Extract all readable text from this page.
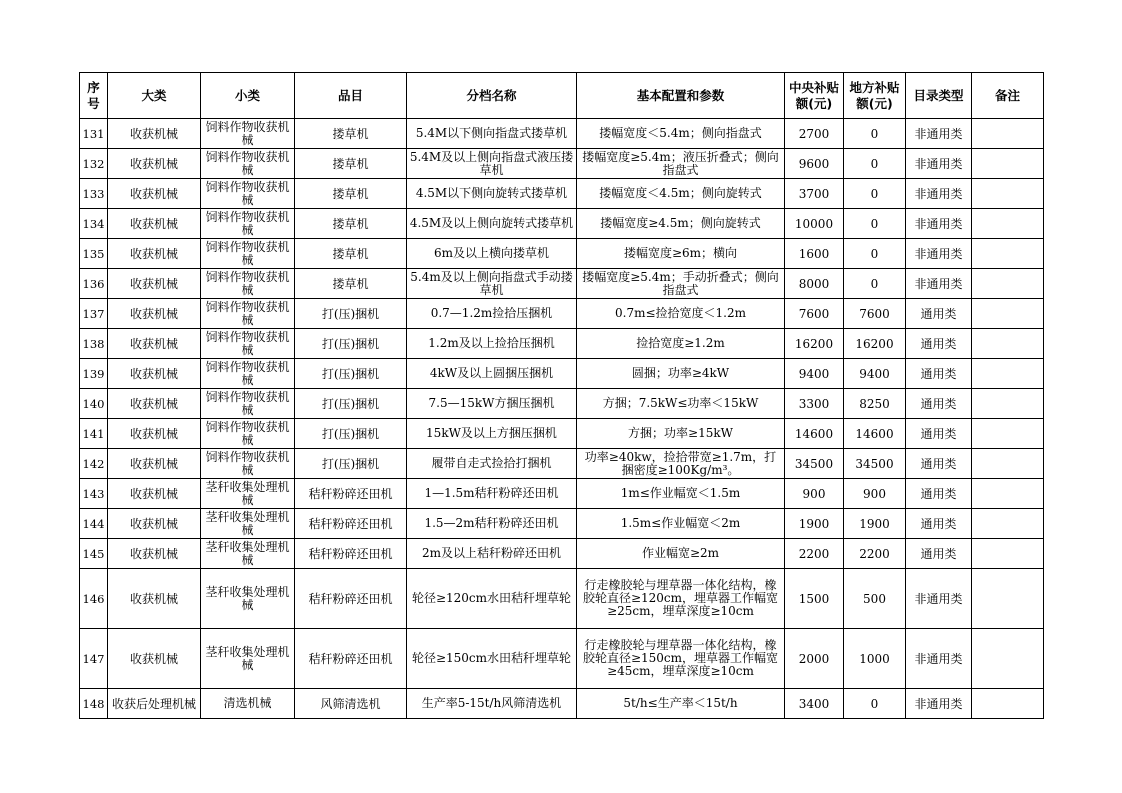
序号	大类	小类	品目	分档名称	基本配置和参数	中央补贴额(元)	地方补贴额(元)	目录类型	备注
131	收获机械	饲料作物收获机械	搂草机	5.4M以下侧向指盘式搂草机	搂幅宽度＜5.4m；侧向指盘式	2700	0	非通用类	
132	收获机械	饲料作物收获机械	搂草机	5.4M及以上侧向指盘式液压搂草机	搂幅宽度≥5.4m；液压折叠式；侧向指盘式	9600	0	非通用类	
133	收获机械	饲料作物收获机械	搂草机	4.5M以下侧向旋转式搂草机	搂幅宽度＜4.5m；侧向旋转式	3700	0	非通用类	
134	收获机械	饲料作物收获机械	搂草机	4.5M及以上侧向旋转式搂草机	搂幅宽度≥4.5m；侧向旋转式	10000	0	非通用类	
135	收获机械	饲料作物收获机械	搂草机	6m及以上横向搂草机	搂幅宽度≥6m；横向	1600	0	非通用类	
136	收获机械	饲料作物收获机械	搂草机	5.4m及以上侧向指盘式手动搂草机	搂幅宽度≥5.4m；手动折叠式；侧向指盘式	8000	0	非通用类	
137	收获机械	饲料作物收获机械	打(压)捆机	0.7—1.2m捡拾压捆机	0.7m≤捡拾宽度＜1.2m	7600	7600	通用类	
138	收获机械	饲料作物收获机械	打(压)捆机	1.2m及以上捡拾压捆机	捡拾宽度≥1.2m	16200	16200	通用类	
139	收获机械	饲料作物收获机械	打(压)捆机	4kW及以上圆捆压捆机	圆捆；功率≥4kW	9400	9400	通用类	
140	收获机械	饲料作物收获机械	打(压)捆机	7.5—15kW方捆压捆机	方捆；7.5kW≤功率＜15kW	3300	8250	通用类	
141	收获机械	饲料作物收获机械	打(压)捆机	15kW及以上方捆压捆机	方捆；功率≥15kW	14600	14600	通用类	
142	收获机械	饲料作物收获机械	打(压)捆机	履带自走式捡拾打捆机	功率≥40kw，捡拾带宽≥1.7m，打捆密度≥100Kg/m³。	34500	34500	通用类	
143	收获机械	茎秆收集处理机械	秸秆粉碎还田机	1—1.5m秸秆粉碎还田机	1m≤作业幅宽＜1.5m	900	900	通用类	
144	收获机械	茎秆收集处理机械	秸秆粉碎还田机	1.5—2m秸秆粉碎还田机	1.5m≤作业幅宽＜2m	1900	1900	通用类	
145	收获机械	茎秆收集处理机械	秸秆粉碎还田机	2m及以上秸秆粉碎还田机	作业幅宽≥2m	2200	2200	通用类	
146	收获机械	茎秆收集处理机械	秸秆粉碎还田机	轮径≥120cm水田秸秆埋草轮	行走橡胶轮与埋草器一体化结构，橡胶轮直径≥120cm，埋草器工作幅宽≥25cm，埋草深度≥10cm	1500	500	非通用类	
147	收获机械	茎秆收集处理机械	秸秆粉碎还田机	轮径≥150cm水田秸秆埋草轮	行走橡胶轮与埋草器一体化结构，橡胶轮直径≥150cm，埋草器工作幅宽≥45cm，埋草深度≥10cm	2000	1000	非通用类	
148	收获后处理机械	清选机械	风筛清选机	生产率5-15t/h风筛清选机	5t/h≤生产率＜15t/h	3400	0	非通用类	
